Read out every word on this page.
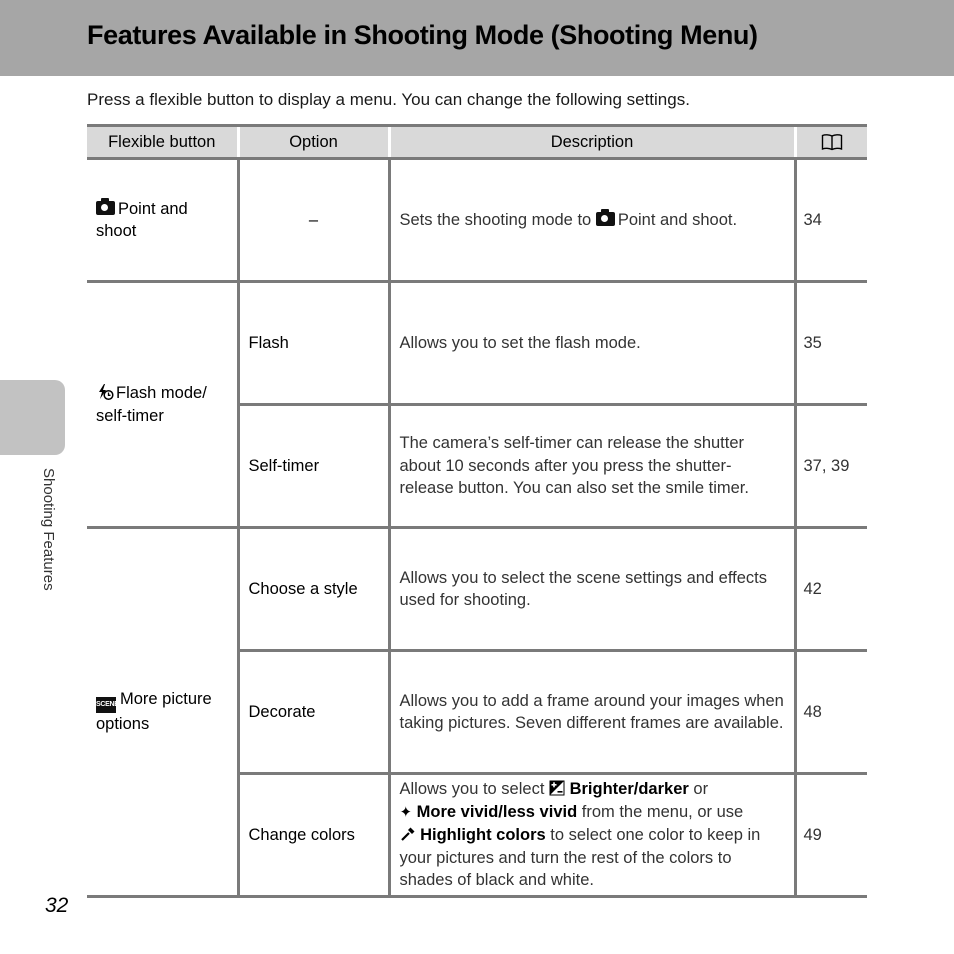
Features Available in Shooting Mode (Shooting Menu)
Press a flexible button to display a menu. You can change the following settings.
Shooting Features
Flexible button	Option	Description	
Point and shoot	–	Sets the shooting mode to Point and shoot.	34
Flash mode/ self-timer	Flash	Allows you to set the flash mode.	35
	Self-timer	The camera’s self-timer can release the shutter about 10 seconds after you press the shutter-release button. You can also set the smile timer.	37, 39
SCENEMore picture options	Choose a style	Allows you to select the scene settings and effects used for shooting.	42
	Decorate	Allows you to add a frame around your images when taking pictures. Seven different frames are available.	48
	Change colors	Allows you to select Brighter/darker or
✦ More vivid/less vivid from the menu, or use
Highlight colors to select one color to keep in your pictures and turn the rest of the colors to shades of black and white.	49
32
